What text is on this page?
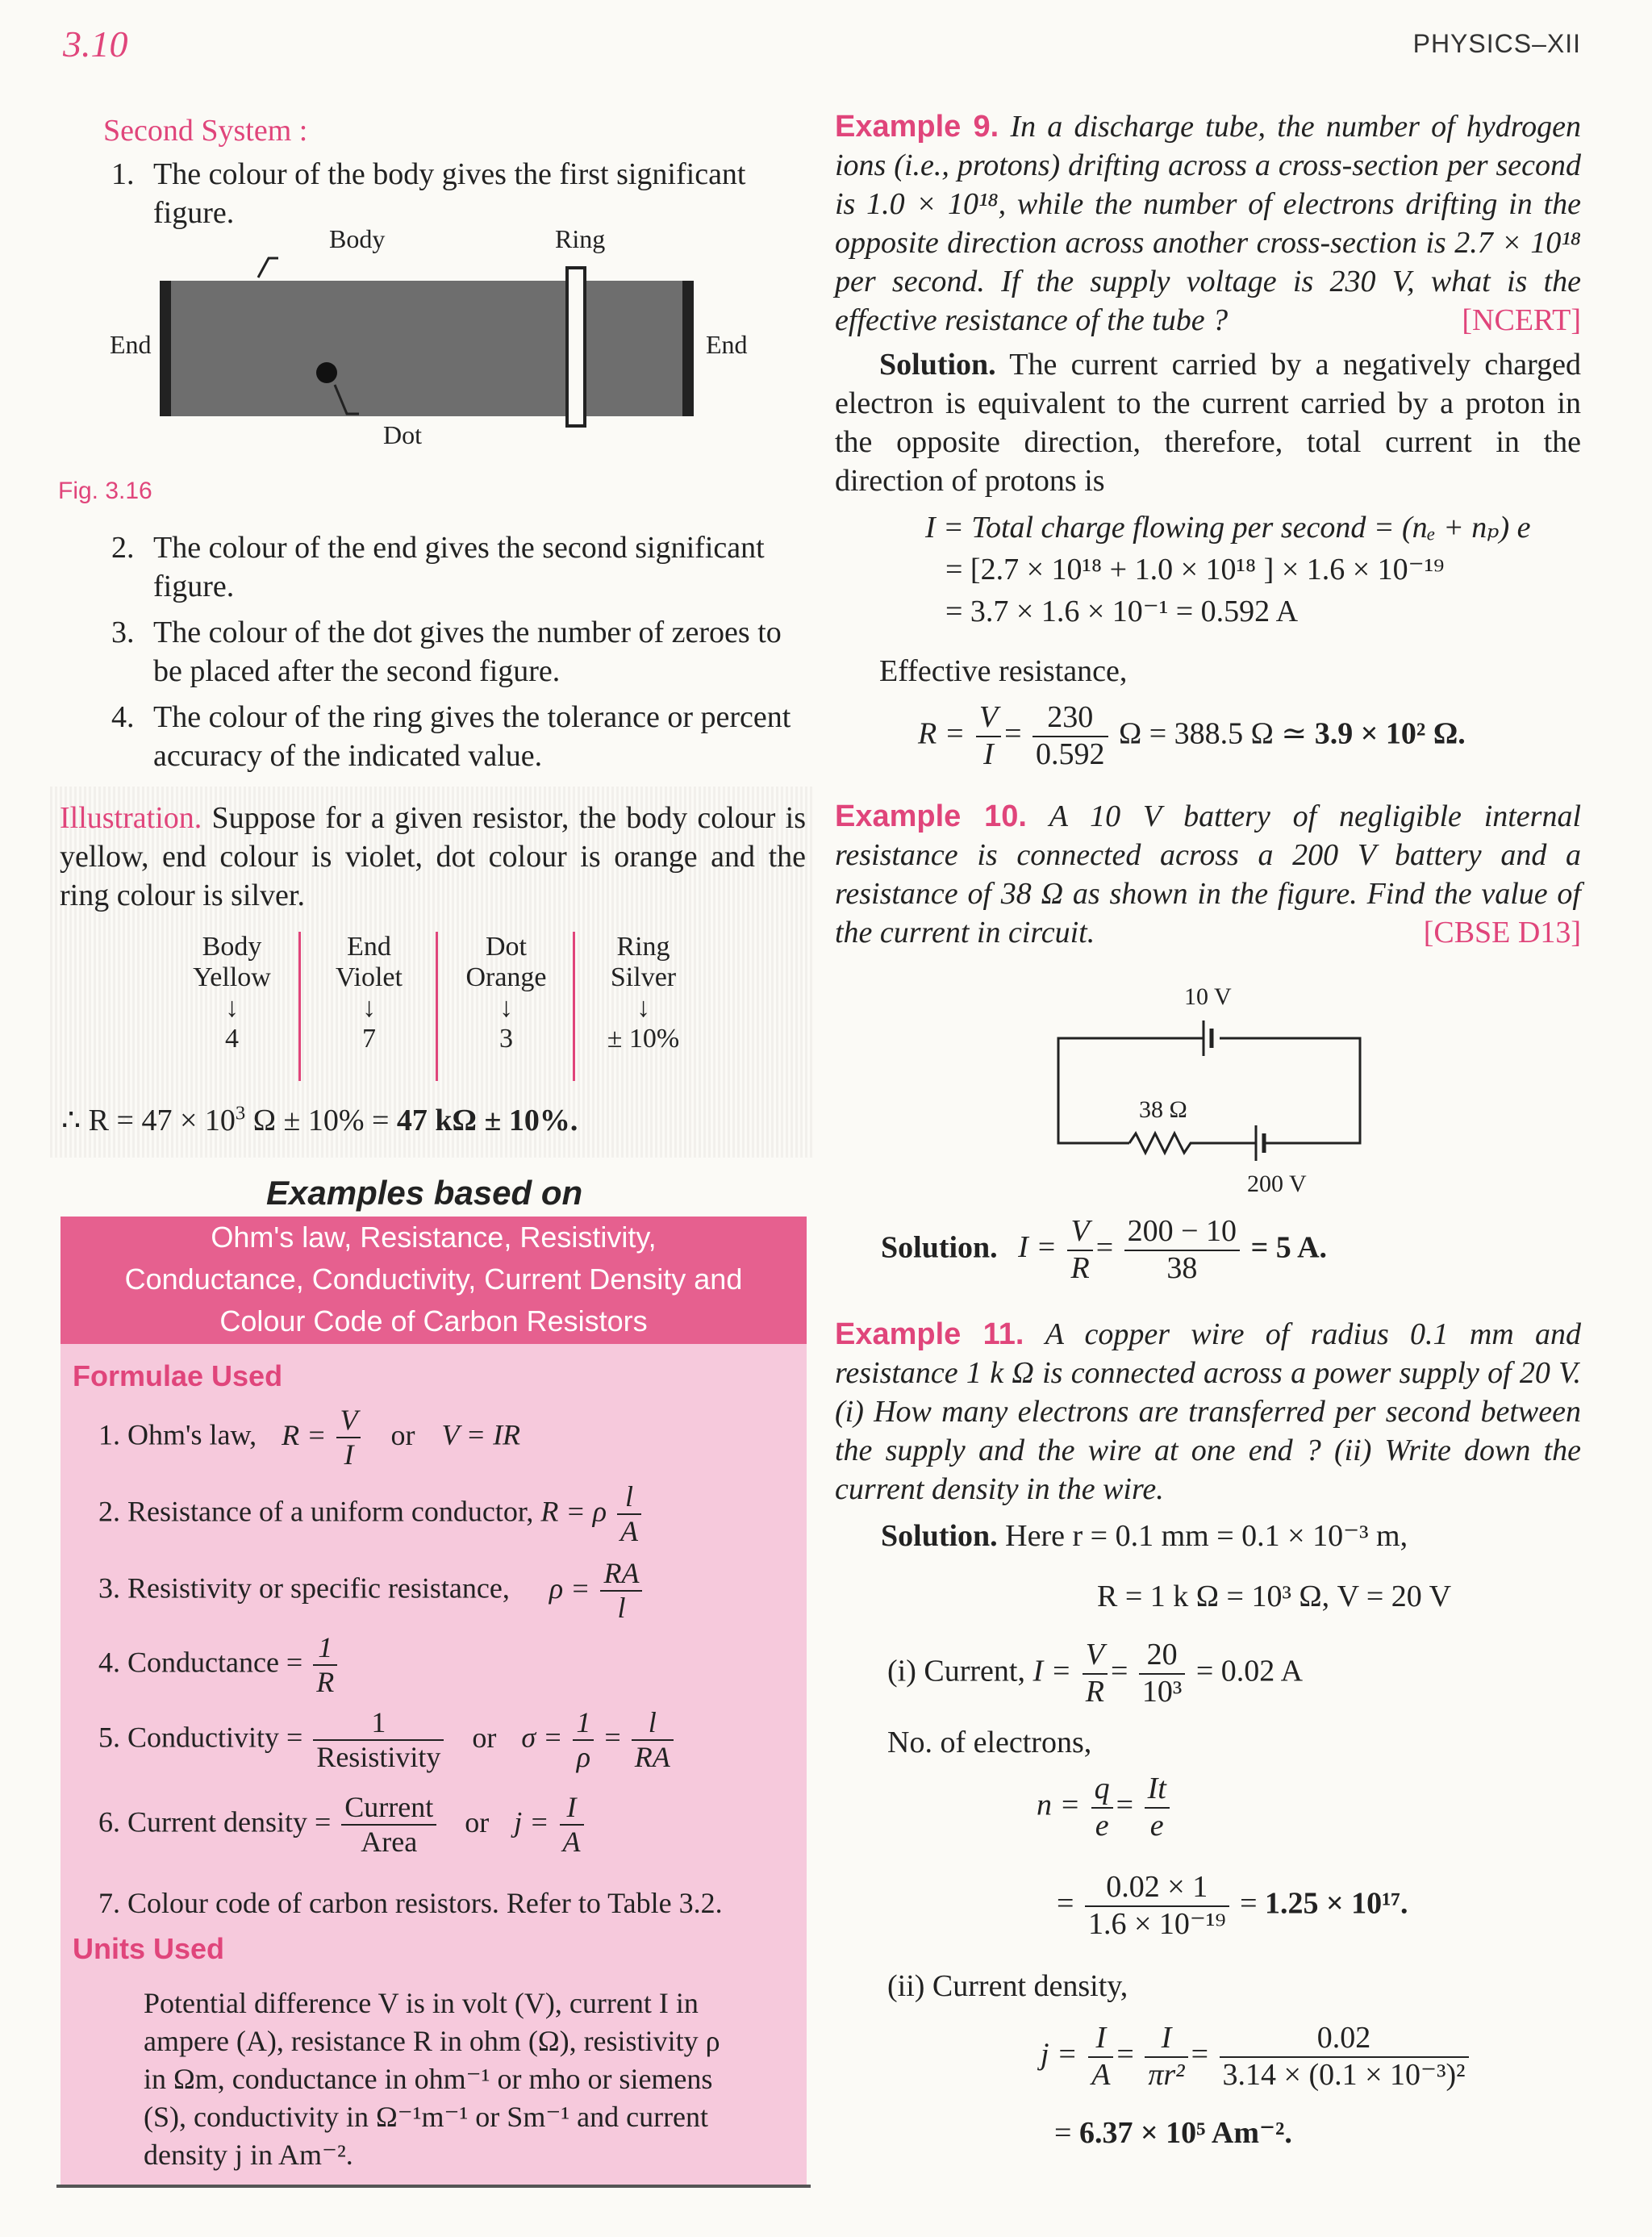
3.10	PHYSICS–XII
Second System :
1. The colour of the body gives the first significant figure.
Body	Ring
End	End
Dot
Fig. 3.16
2. The colour of the end gives the second significant figure.
3. The colour of the dot gives the number of zeroes to be placed after the second figure.
4. The colour of the ring gives the tolerance or percent accuracy of the indicated value.
Illustration. Suppose for a given resistor, the body colour is yellow, end colour is violet, dot colour is orange and the ring colour is silver.
Body
Yellow
↓
4
End
Violet
↓
7
Dot
Orange
↓
3
Ring
Silver
↓
± 10%
∴ $R = 47 \times 10^3$ Ω ± 10% = 47 kΩ ± 10%.
Examples based on
Ohm's law, Resistance, Resistivity,
Conductance, Conductivity, Current Density and
Colour Code of Carbon Resistors
Formulae Used
1. Ohm's law, $R = \frac{V}{I}$ or V = IR
2. Resistance of a uniform conductor, R = ρ $\frac{l}{A}$
3. Resistivity or specific resistance, $\rho = \frac{RA}{l}$
4. Conductance = $\frac{1}{R}$
5. Conductivity = $\frac{1}{\text{Resistivity}}$ or $\sigma = \frac{1}{\rho} = \frac{l}{RA}$
6. Current density = $\frac{\text{Current}}{\text{Area}}$ or $j = \frac{I}{A}$
7. Colour code of carbon resistors. Refer to Table 3.2.
Units Used
Potential difference V is in volt (V), current I in
ampere (A), resistance R in ohm (Ω), resistivity ρ
in Ωm, conductance in ohm⁻¹ or mho or siemens
(S), conductivity in Ω⁻¹m⁻¹ or Sm⁻¹ and current
density j in Am⁻².
Example 9. In a discharge tube, the number of hydrogen ions (i.e., protons) drifting across a cross-section per second is 1.0 × 10¹⁸, while the number of electrons drifting in the opposite direction across another cross-section is 2.7 × 10¹⁸ per second. If the supply voltage is 230 V, what is the effective resistance of the tube ?	[NCERT]
Solution. The current carried by a negatively charged electron is equivalent to the current carried by a proton in the opposite direction, therefore, total current in the direction of protons is
I = Total charge flowing per second = (nₑ + nₚ) e
= [2.7 × 10¹⁸ + 1.0 × 10¹⁸ ] × 1.6 × 10⁻¹⁹
= 3.7 × 1.6 × 10⁻¹ = 0.592 A
Effective resistance,
$R = \frac{V}{I} = \frac{230}{0.592}$ Ω = 388.5 Ω ≃ 3.9 × 10² Ω.
Example 10. A 10 V battery of negligible internal resistance is connected across a 200 V battery and a resistance of 38 Ω as shown in the figure. Find the value of the current in circuit.	[CBSE D13]
10 V
38 Ω
200 V
Solution. $I = \frac{V}{R} = \frac{200 - 10}{38} = 5$ A.
Example 11. A copper wire of radius 0.1 mm and resistance 1 k Ω is connected across a power supply of 20 V. (i) How many electrons are transferred per second between the supply and the wire at one end ? (ii) Write down the current density in the wire.
Solution. Here r = 0.1 mm = 0.1 × 10⁻³ m,
R = 1 k Ω = 10³ Ω, V = 20 V
(i) Current, $I = \frac{V}{R} = \frac{20}{\text{10³}} = 0.02$ A
No. of electrons,
$n = \frac{q}{e} = \frac{It}{e}$
= $\frac{0.02 \times 1}{\text{1.6 × 10⁻¹⁹}} = 1.25 \times 10^{17}$.
(ii) Current density,
$j = \frac{I}{A} = \frac{I}{\text{πr²}} = \frac{0.02}{\text{3.14 × (0.1 × 10⁻³)²}}$
= 6.37 × 10⁵ Am⁻².
